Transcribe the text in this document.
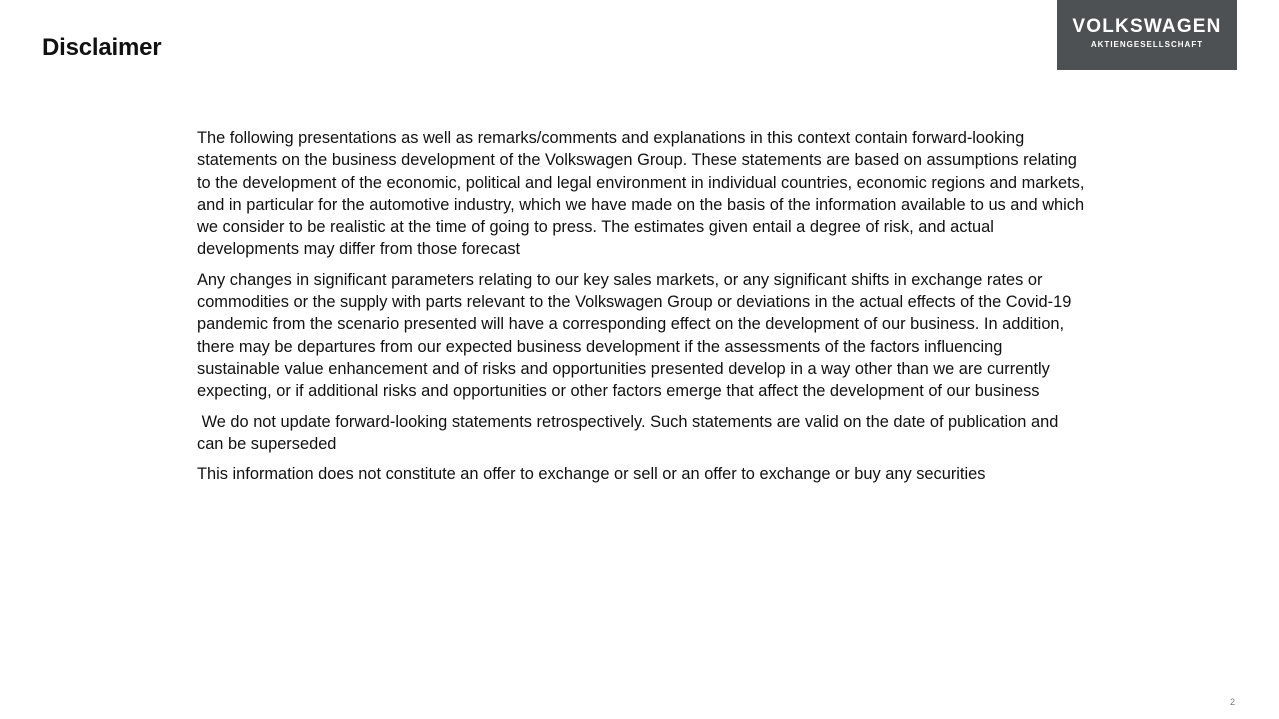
Disclaimer
VOLKSWAGEN
AKTIENGESELLSCHAFT

The following presentations as well as remarks/comments and explanations in this context contain forward-looking statements on the business development of the Volkswagen Group. These statements are based on assumptions relating to the development of the economic, political and legal environment in individual countries, economic regions and markets, and in particular for the automotive industry, which we have made on the basis of the information available to us and which we consider to be realistic at the time of going to press. The estimates given entail a degree of risk, and actual developments may differ from those forecast

Any changes in significant parameters relating to our key sales markets, or any significant shifts in exchange rates or commodities or the supply with parts relevant to the Volkswagen Group or deviations in the actual effects of the Covid-19 pandemic from the scenario presented will have a corresponding effect on the development of our business. In addition, there may be departures from our expected business development if the assessments of the factors influencing sustainable value enhancement and of risks and opportunities presented develop in a way other than we are currently expecting, or if additional risks and opportunities or other factors emerge that affect the development of our business

We do not update forward-looking statements retrospectively. Such statements are valid on the date of publication and can be superseded

This information does not constitute an offer to exchange or sell or an offer to exchange or buy any securities

2
